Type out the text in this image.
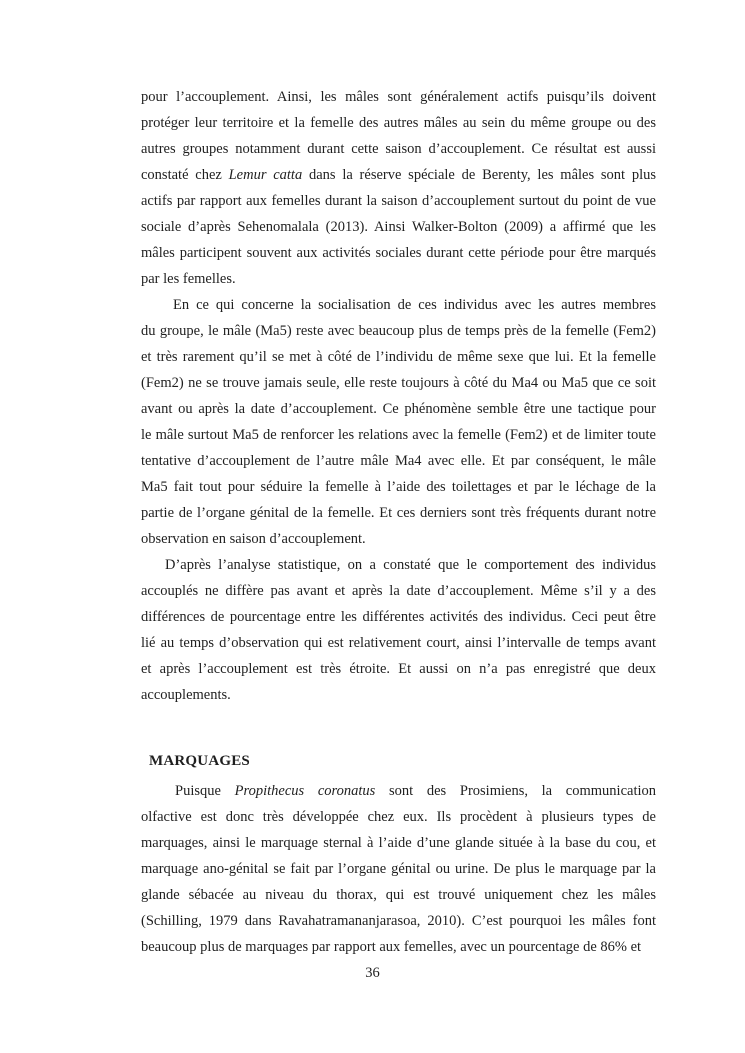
pour l’accouplement. Ainsi, les mâles sont généralement actifs puisqu’ils doivent
protéger leur territoire et la femelle des autres mâles au sein du même groupe ou des
autres groupes notamment durant cette saison d’accouplement. Ce résultat est aussi
constaté chez Lemur catta dans la réserve spéciale de Berenty, les mâles sont plus
actifs par rapport aux femelles durant la saison d’accouplement surtout du point de vue
sociale d’après Sehenomalala (2013). Ainsi Walker-Bolton (2009) a affirmé que les
mâles participent souvent aux activités sociales durant cette période pour être marqués
par les femelles.
En ce qui concerne la socialisation de ces individus avec les autres membres
du groupe, le mâle (Ma5) reste avec beaucoup plus de temps près de la femelle (Fem2)
et très rarement qu’il se met à côté de l’individu de même sexe que lui. Et la femelle
(Fem2) ne se trouve jamais seule, elle reste toujours à côté du Ma4 ou Ma5 que ce soit
avant ou après la date d’accouplement. Ce phénomène semble être une tactique pour
le mâle surtout Ma5 de renforcer les relations avec la femelle (Fem2) et de limiter toute
tentative d’accouplement de l’autre mâle Ma4 avec elle. Et par conséquent, le mâle
Ma5 fait tout pour séduire la femelle à l’aide des toilettages et par le léchage de la
partie de l’organe génital de la femelle. Et ces derniers sont très fréquents durant notre
observation en saison d’accouplement.
D’après l’analyse statistique, on a constaté que le comportement des individus
accouplés ne diffère pas avant et après la date d’accouplement. Même s’il y a des
différences de pourcentage entre les différentes activités des individus. Ceci peut être
lié au temps d’observation qui est relativement court, ainsi l’intervalle de temps avant
et après l’accouplement est très étroite. Et aussi on n’a pas enregistré que deux
accouplements.
MARQUAGES
Puisque Propithecus coronatus sont des Prosimiens, la communication
olfactive est donc très développée chez eux. Ils procèdent à plusieurs types de
marquages, ainsi le marquage sternal à l’aide d’une glande située à la base du cou, et
marquage ano-génital se fait par l’organe génital ou urine. De plus le marquage par la
glande sébacée au niveau du thorax, qui est trouvé uniquement chez les mâles
(Schilling, 1979 dans Ravahatramananjarasoa, 2010). C’est pourquoi les mâles font
beaucoup plus de marquages par rapport aux femelles, avec un pourcentage de 86% et
36
